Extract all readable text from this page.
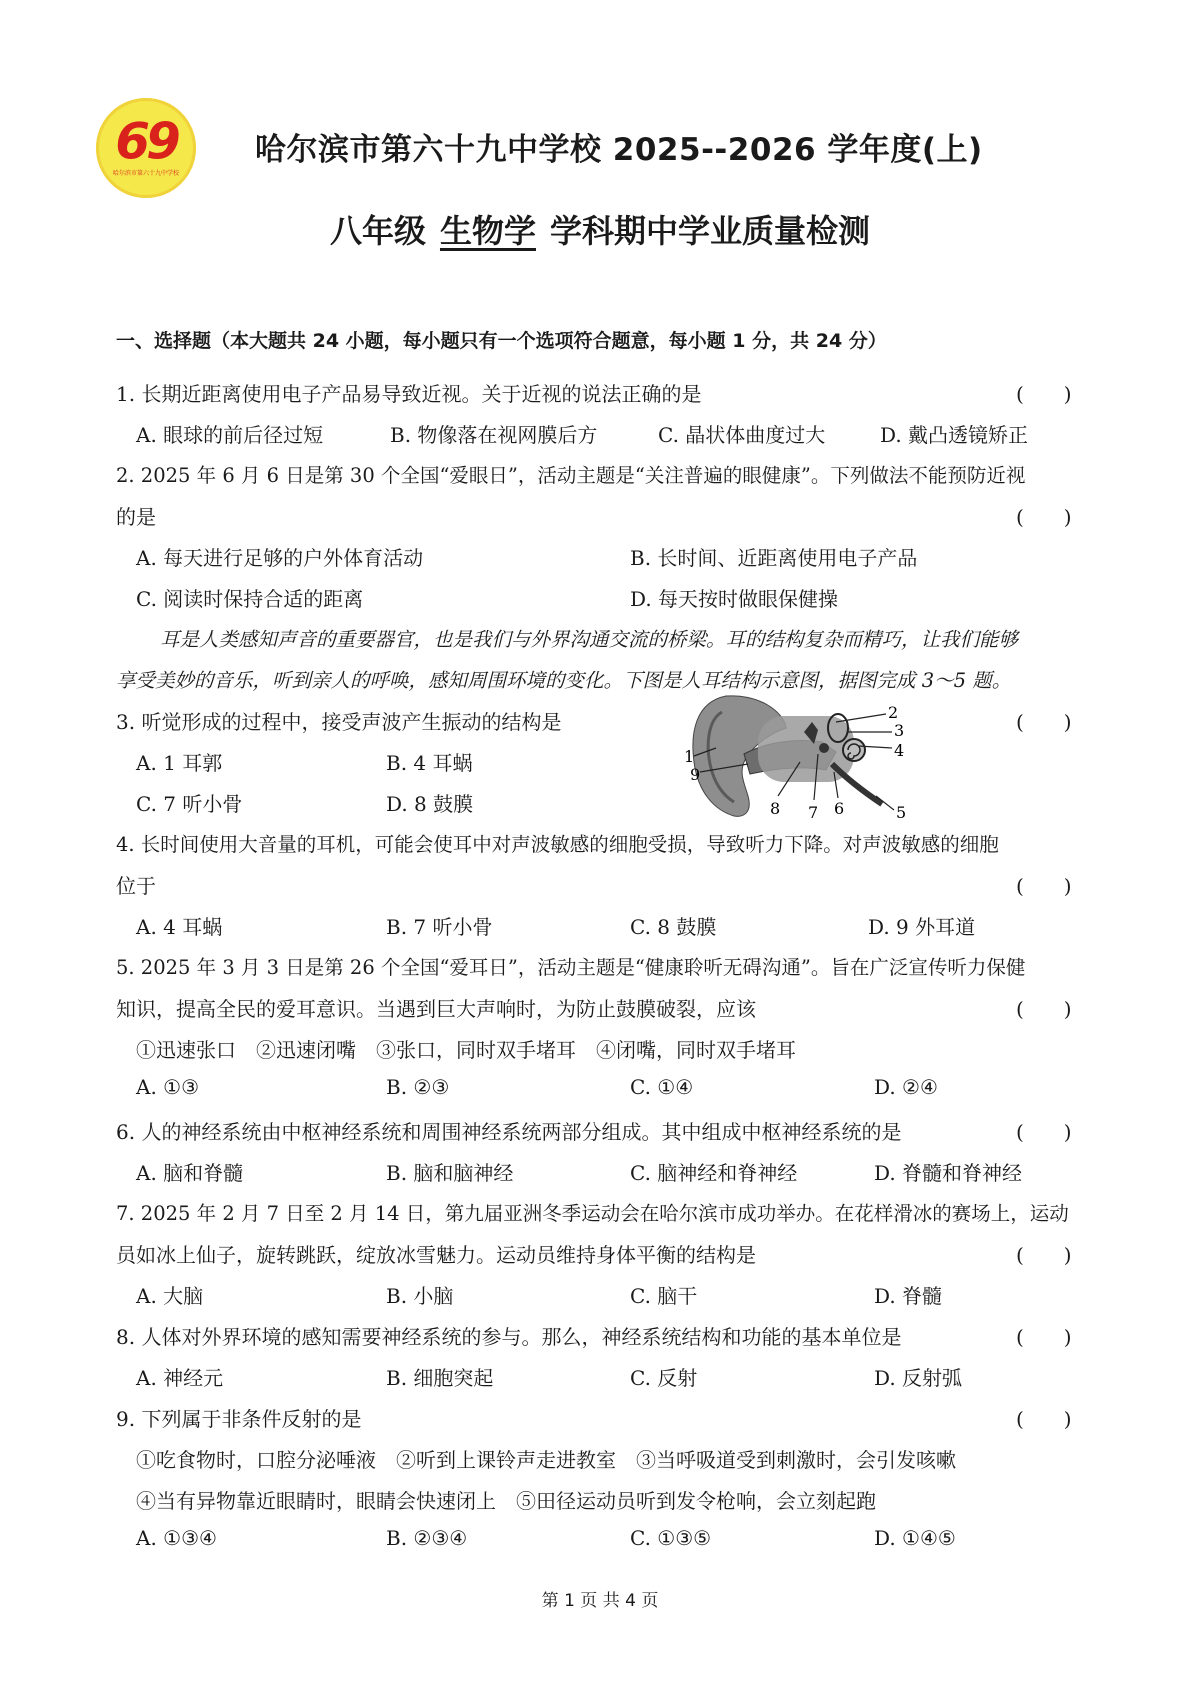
69
哈尔滨市第六十九中学校
哈尔滨市第六十九中学校 2025--2026 学年度(上)
八年级 生物学 学科期中学业质量检测
一、选择题（本大题共 24 小题，每小题只有一个选项符合题意，每小题 1 分，共 24 分）
1. 长期近距离使用电子产品易导致近视。关于近视的说法正确的是	(　　)
A. 眼球的前后径过短	B. 物像落在视网膜后方	C. 晶状体曲度过大	D. 戴凸透镜矫正
2. 2025 年 6 月 6 日是第 30 个全国“爱眼日”，活动主题是“关注普遍的眼健康”。下列做法不能预防近视
的是	(　　)
A. 每天进行足够的户外体育活动	B. 长时间、近距离使用电子产品
C. 阅读时保持合适的距离	D. 每天按时做眼保健操
耳是人类感知声音的重要器官，也是我们与外界沟通交流的桥梁。耳的结构复杂而精巧，让我们能够
享受美妙的音乐，听到亲人的呼唤，感知周围环境的变化。下图是人耳结构示意图，据图完成 3～5 题。
3. 听觉形成的过程中，接受声波产生振动的结构是	(　　)
A. 1 耳郭	B. 4 耳蜗
C. 7 听小骨	D. 8 鼓膜
1
2
3
4
5
6
7
8
9
4. 长时间使用大音量的耳机，可能会使耳中对声波敏感的细胞受损，导致听力下降。对声波敏感的细胞
位于	(　　)
A. 4 耳蜗	B. 7 听小骨	C. 8 鼓膜	D. 9 外耳道
5. 2025 年 3 月 3 日是第 26 个全国“爱耳日”，活动主题是“健康聆听无碍沟通”。旨在广泛宣传听力保健
知识，提高全民的爱耳意识。当遇到巨大声响时，为防止鼓膜破裂，应该	(　　)
①迅速张口　②迅速闭嘴　③张口，同时双手堵耳　④闭嘴，同时双手堵耳
A. ①③	B. ②③	C. ①④	D. ②④
6. 人的神经系统由中枢神经系统和周围神经系统两部分组成。其中组成中枢神经系统的是	(　　)
A. 脑和脊髓	B. 脑和脑神经	C. 脑神经和脊神经	D. 脊髓和脊神经
7. 2025 年 2 月 7 日至 2 月 14 日，第九届亚洲冬季运动会在哈尔滨市成功举办。在花样滑冰的赛场上，运动
员如冰上仙子，旋转跳跃，绽放冰雪魅力。运动员维持身体平衡的结构是	(　　)
A. 大脑	B. 小脑	C. 脑干	D. 脊髓
8. 人体对外界环境的感知需要神经系统的参与。那么，神经系统结构和功能的基本单位是	(　　)
A. 神经元	B. 细胞突起	C. 反射	D. 反射弧
9. 下列属于非条件反射的是	(　　)
①吃食物时，口腔分泌唾液　②听到上课铃声走进教室　③当呼吸道受到刺激时，会引发咳嗽
④当有异物靠近眼睛时，眼睛会快速闭上　⑤田径运动员听到发令枪响，会立刻起跑
A. ①③④	B. ②③④	C. ①③⑤	D. ①④⑤
第 1 页 共 4 页
